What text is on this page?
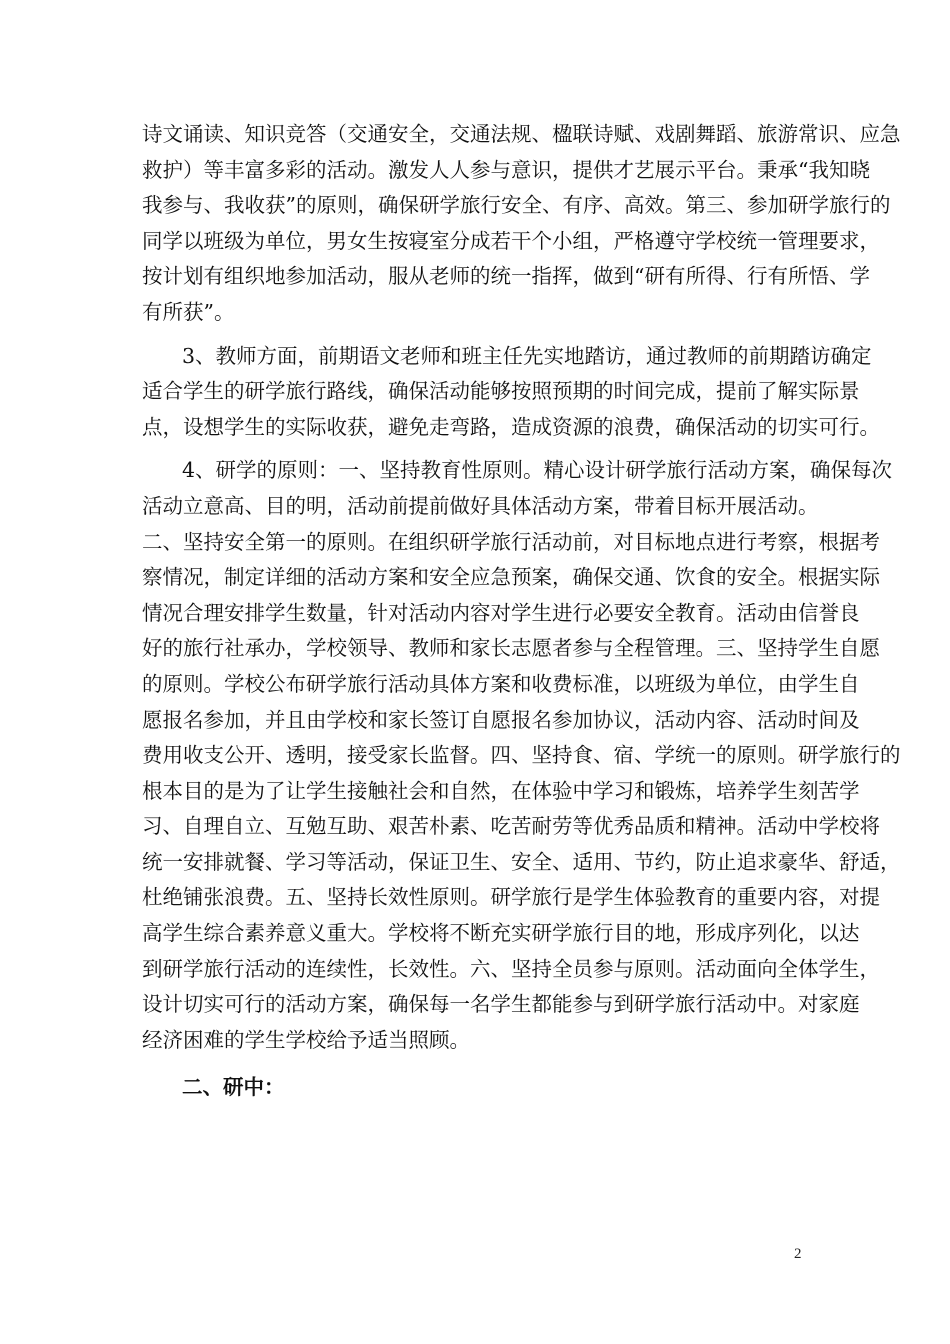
诗文诵读、知识竞答（交通安全，交通法规、楹联诗赋、戏剧舞蹈、旅游常识、应急
救护）等丰富多彩的活动。激发人人参与意识，提供才艺展示平台。秉承“我知晓
我参与、我收获”的原则，确保研学旅行安全、有序、高效。第三、参加研学旅行的
同学以班级为单位，男女生按寝室分成若干个小组，严格遵守学校统一管理要求，
按计划有组织地参加活动，服从老师的统一指挥，做到“研有所得、行有所悟、学
有所获”。
3、教师方面，前期语文老师和班主任先实地踏访，通过教师的前期踏访确定
适合学生的研学旅行路线，确保活动能够按照预期的时间完成，提前了解实际景
点，设想学生的实际收获，避免走弯路，造成资源的浪费，确保活动的切实可行。
4、研学的原则：一、坚持教育性原则。精心设计研学旅行活动方案，确保每次
活动立意高、目的明，活动前提前做好具体活动方案，带着目标开展活动。
二、坚持安全第一的原则。在组织研学旅行活动前，对目标地点进行考察，根据考
察情况，制定详细的活动方案和安全应急预案，确保交通、饮食的安全。根据实际
情况合理安排学生数量，针对活动内容对学生进行必要安全教育。活动由信誉良
好的旅行社承办，学校领导、教师和家长志愿者参与全程管理。三、坚持学生自愿
的原则。学校公布研学旅行活动具体方案和收费标准，以班级为单位，由学生自
愿报名参加，并且由学校和家长签订自愿报名参加协议，活动内容、活动时间及
费用收支公开、透明，接受家长监督。四、坚持食、宿、学统一的原则。研学旅行的
根本目的是为了让学生接触社会和自然，在体验中学习和锻炼，培养学生刻苦学
习、自理自立、互勉互助、艰苦朴素、吃苦耐劳等优秀品质和精神。活动中学校将
统一安排就餐、学习等活动，保证卫生、安全、适用、节约，防止追求豪华、舒适，
杜绝铺张浪费。五、坚持长效性原则。研学旅行是学生体验教育的重要内容，对提
高学生综合素养意义重大。学校将不断充实研学旅行目的地，形成序列化，以达
到研学旅行活动的连续性，长效性。六、坚持全员参与原则。活动面向全体学生，
设计切实可行的活动方案，确保每一名学生都能参与到研学旅行活动中。对家庭
经济困难的学生学校给予适当照顾。
二、研中：
2
